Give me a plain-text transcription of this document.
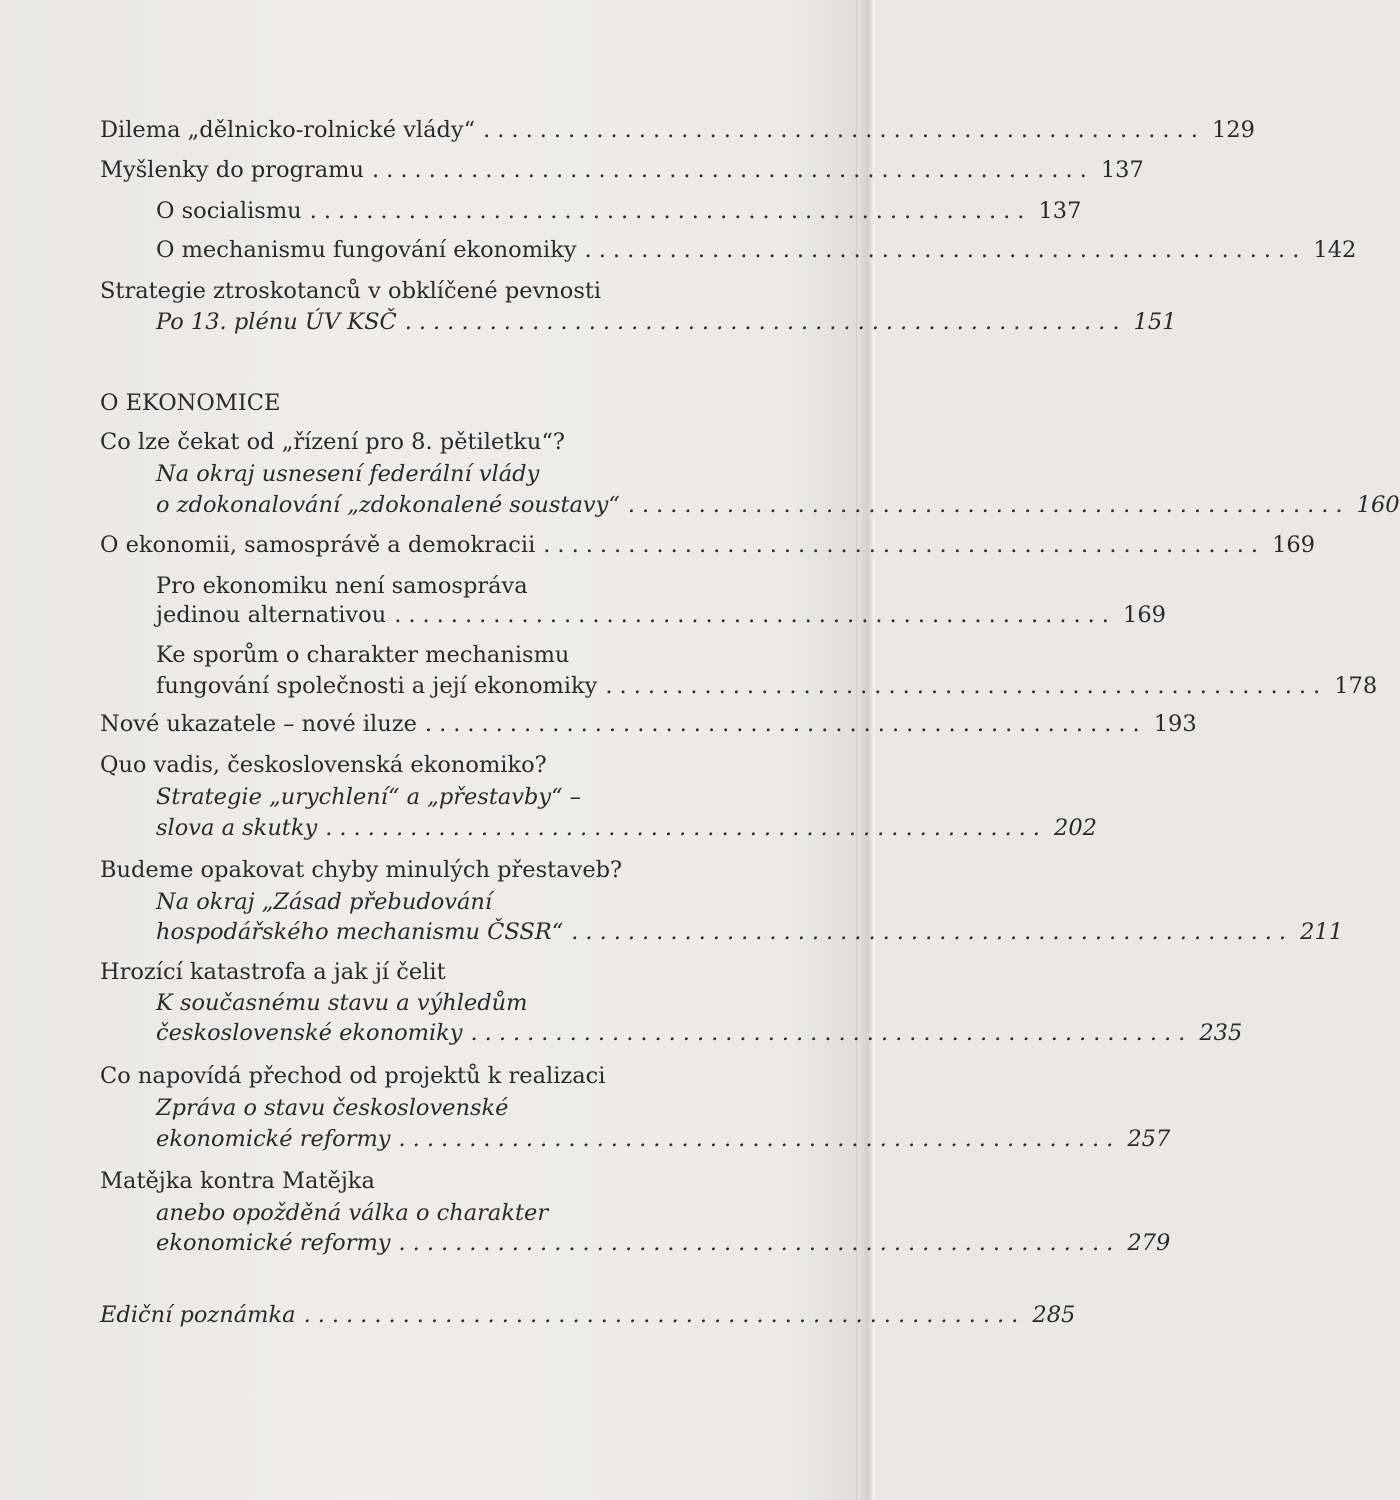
Dilema „dělnicko-rolnické vlády“ ................................................... 129
Myšlenky do programu ................................................... 137
O socialismu ................................................... 137
O mechanismu fungování ekonomiky ................................................... 142
Strategie ztroskotanců v obklíčené pevnosti
Po 13. plénu ÚV KSČ ................................................... 151
O EKONOMICE
Co lze čekat od „řízení pro 8. pětiletku“?
Na okraj usnesení federální vlády
o zdokonalování „zdokonalené soustavy“ ................................................... 160
O ekonomii, samosprávě a demokracii ................................................... 169
Pro ekonomiku není samospráva
jedinou alternativou ................................................... 169
Ke sporům o charakter mechanismu
fungování společnosti a její ekonomiky ................................................... 178
Nové ukazatele – nové iluze ................................................... 193
Quo vadis, československá ekonomiko?
Strategie „urychlení“ a „přestavby“ –
slova a skutky ................................................... 202
Budeme opakovat chyby minulých přestaveb?
Na okraj „Zásad přebudování
hospodářského mechanismu ČSSR“ ................................................... 211
Hrozící katastrofa a jak jí čelit
K současnému stavu a výhledům
československé ekonomiky ................................................... 235
Co napovídá přechod od projektů k realizaci
Zpráva o stavu československé
ekonomické reformy ................................................... 257
Matějka kontra Matějka
anebo opožděná válka o charakter
ekonomické reformy ................................................... 279
Ediční poznámka ................................................... 285
